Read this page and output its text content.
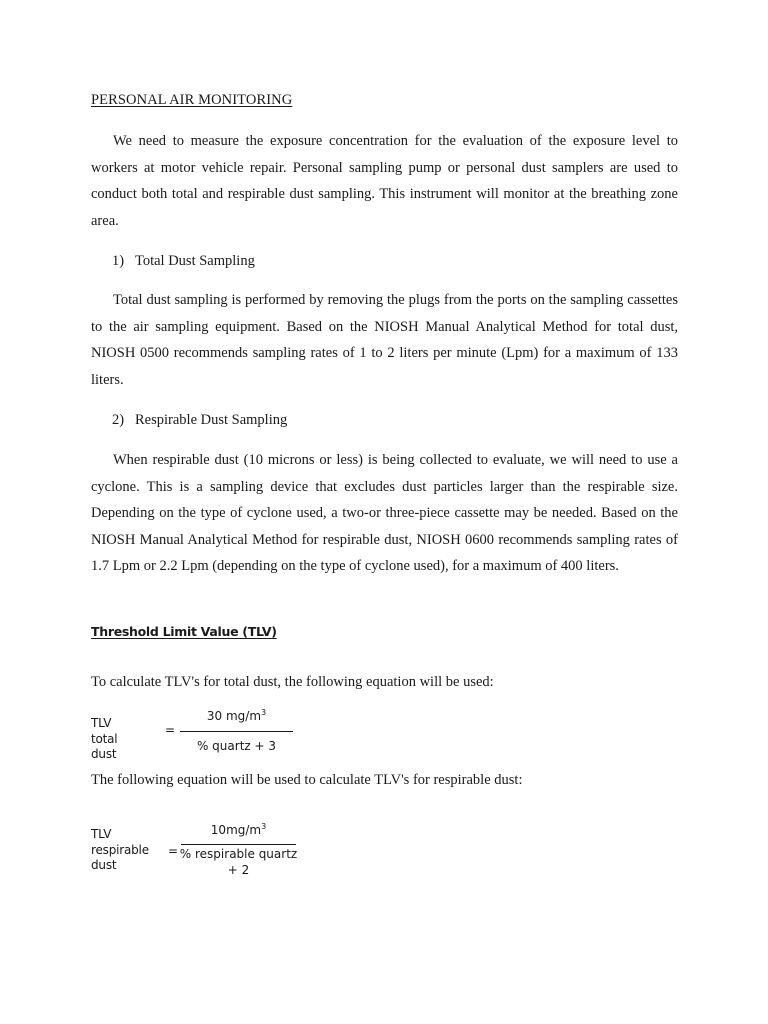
PERSONAL AIR MONITORING

We need to measure the exposure concentration for the evaluation of the exposure level to workers at motor vehicle repair. Personal sampling pump or personal dust samplers are used to conduct both total and respirable dust sampling. This instrument will monitor at the breathing zone area.

1) Total Dust Sampling

Total dust sampling is performed by removing the plugs from the ports on the sampling cassettes to the air sampling equipment. Based on the NIOSH Manual Analytical Method for total dust, NIOSH 0500 recommends sampling rates of 1 to 2 liters per minute (Lpm) for a maximum of 133 liters.

2) Respirable Dust Sampling

When respirable dust (10 microns or less) is being collected to evaluate, we will need to use a cyclone. This is a sampling device that excludes dust particles larger than the respirable size. Depending on the type of cyclone used, a two-or three-piece cassette may be needed. Based on the NIOSH Manual Analytical Method for respirable dust, NIOSH 0600 recommends sampling rates of 1.7 Lpm or 2.2 Lpm (depending on the type of cyclone used), for a maximum of 400 liters.

Threshold Limit Value (TLV)
To calculate TLV's for total dust, the following equation will be used:
TLV
total dust
=
30 $mg/m^3$
% quartz + 3
The following equation will be used to calculate TLV's for respirable dust:
TLV
respirable
dust
=
$10mg/m^3$
% respirable quartz
+ 2
